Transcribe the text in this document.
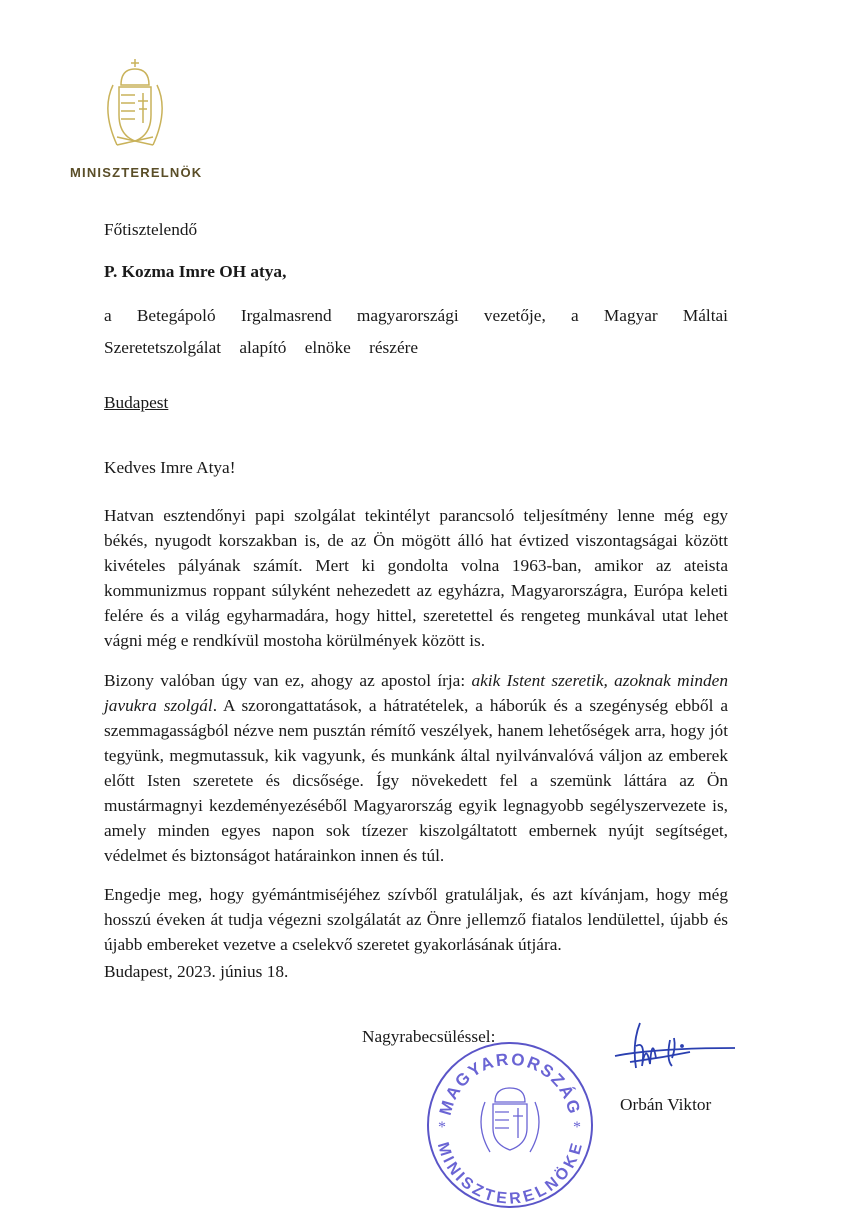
MINISZTERELNÖK
Főtisztelendő
P. Kozma Imre OH atya,
a Betegápoló Irgalmasrend magyarországi vezetője, a Magyar Máltai Szeretetszolgálat alapító elnöke részére
Budapest
Kedves Imre Atya!
Hatvan esztendőnyi papi szolgálat tekintélyt parancsoló teljesítmény lenne még egy békés, nyugodt korszakban is, de az Ön mögött álló hat évtized viszontagságai között kivételes pályának számít. Mert ki gondolta volna 1963-ban, amikor az ateista kommunizmus roppant súlyként nehezedett az egyházra, Magyarországra, Európa keleti felére és a világ egyharmadára, hogy hittel, szeretettel és rengeteg munkával utat lehet vágni még e rendkívül mostoha körülmények között is.
Bizony valóban úgy van ez, ahogy az apostol írja: akik Istent szeretik, azoknak minden javukra szolgál. A szorongattatások, a hátratételek, a háborúk és a szegénység ebből a szemmagasságból nézve nem pusztán rémítő veszélyek, hanem lehetőségek arra, hogy jót tegyünk, megmutassuk, kik vagyunk, és munkánk által nyilvánvalóvá váljon az emberek előtt Isten szeretete és dicsősége. Így növekedett fel a szemünk láttára az Ön mustármagnyi kezdeményezéséből Magyarország egyik legnagyobb segélyszervezete is, amely minden egyes napon sok tízezer kiszolgáltatott embernek nyújt segítséget, védelmet és biztonságot határainkon innen és túl.
Engedje meg, hogy gyémántmiséjéhez szívből gratuláljak, és azt kívánjam, hogy még hosszú éveken át tudja végezni szolgálatát az Önre jellemző fiatalos lendülettel, újabb és újabb embereket vezetve a cselekvő szeretet gyakorlásának útjára.
Budapest, 2023. június 18.
Nagyrabecsüléssel:
MAGYARORSZÁG
MINISZTERELNÖKE
*	*
Orbán Viktor
